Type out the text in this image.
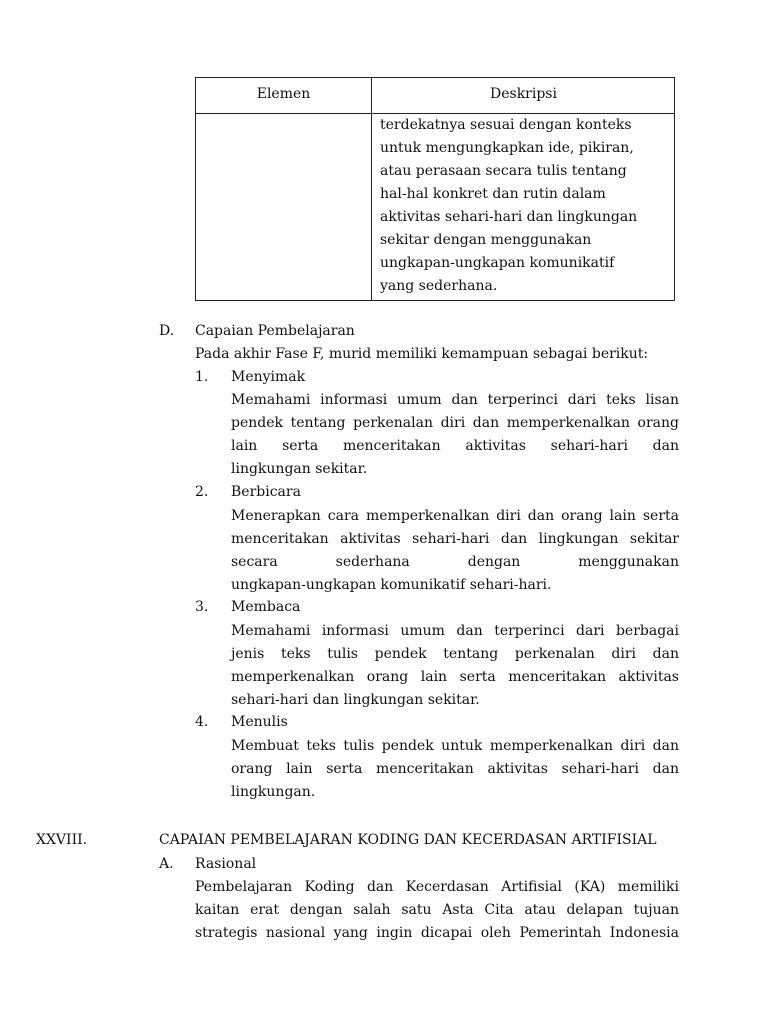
Elemen	Deskripsi
terdekatnya sesuai dengan konteks
untuk mengungkapkan ide, pikiran,
atau perasaan secara tulis tentang
hal-hal konkret dan rutin dalam
aktivitas sehari-hari dan lingkungan
sekitar dengan menggunakan
ungkapan-ungkapan komunikatif
yang sederhana.
D. Capaian Pembelajaran
Pada akhir Fase F, murid memiliki kemampuan sebagai berikut:
1. Menyimak
Memahami informasi umum dan terperinci dari teks lisan
pendek tentang perkenalan diri dan memperkenalkan orang
lain serta menceritakan aktivitas sehari-hari dan
lingkungan sekitar.
2. Berbicara
Menerapkan cara memperkenalkan diri dan orang lain serta
menceritakan aktivitas sehari-hari dan lingkungan sekitar
secara sederhana dengan menggunakan
ungkapan-ungkapan komunikatif sehari-hari.
3. Membaca
Memahami informasi umum dan terperinci dari berbagai
jenis teks tulis pendek tentang perkenalan diri dan
memperkenalkan orang lain serta menceritakan aktivitas
sehari-hari dan lingkungan sekitar.
4. Menulis
Membuat teks tulis pendek untuk memperkenalkan diri dan
orang lain serta menceritakan aktivitas sehari-hari dan
lingkungan.
XXVIII.	CAPAIAN PEMBELAJARAN KODING DAN KECERDASAN ARTIFISIAL
A. Rasional
Pembelajaran Koding dan Kecerdasan Artifisial (KA) memiliki
kaitan erat dengan salah satu Asta Cita atau delapan tujuan
strategis nasional yang ingin dicapai oleh Pemerintah Indonesia
